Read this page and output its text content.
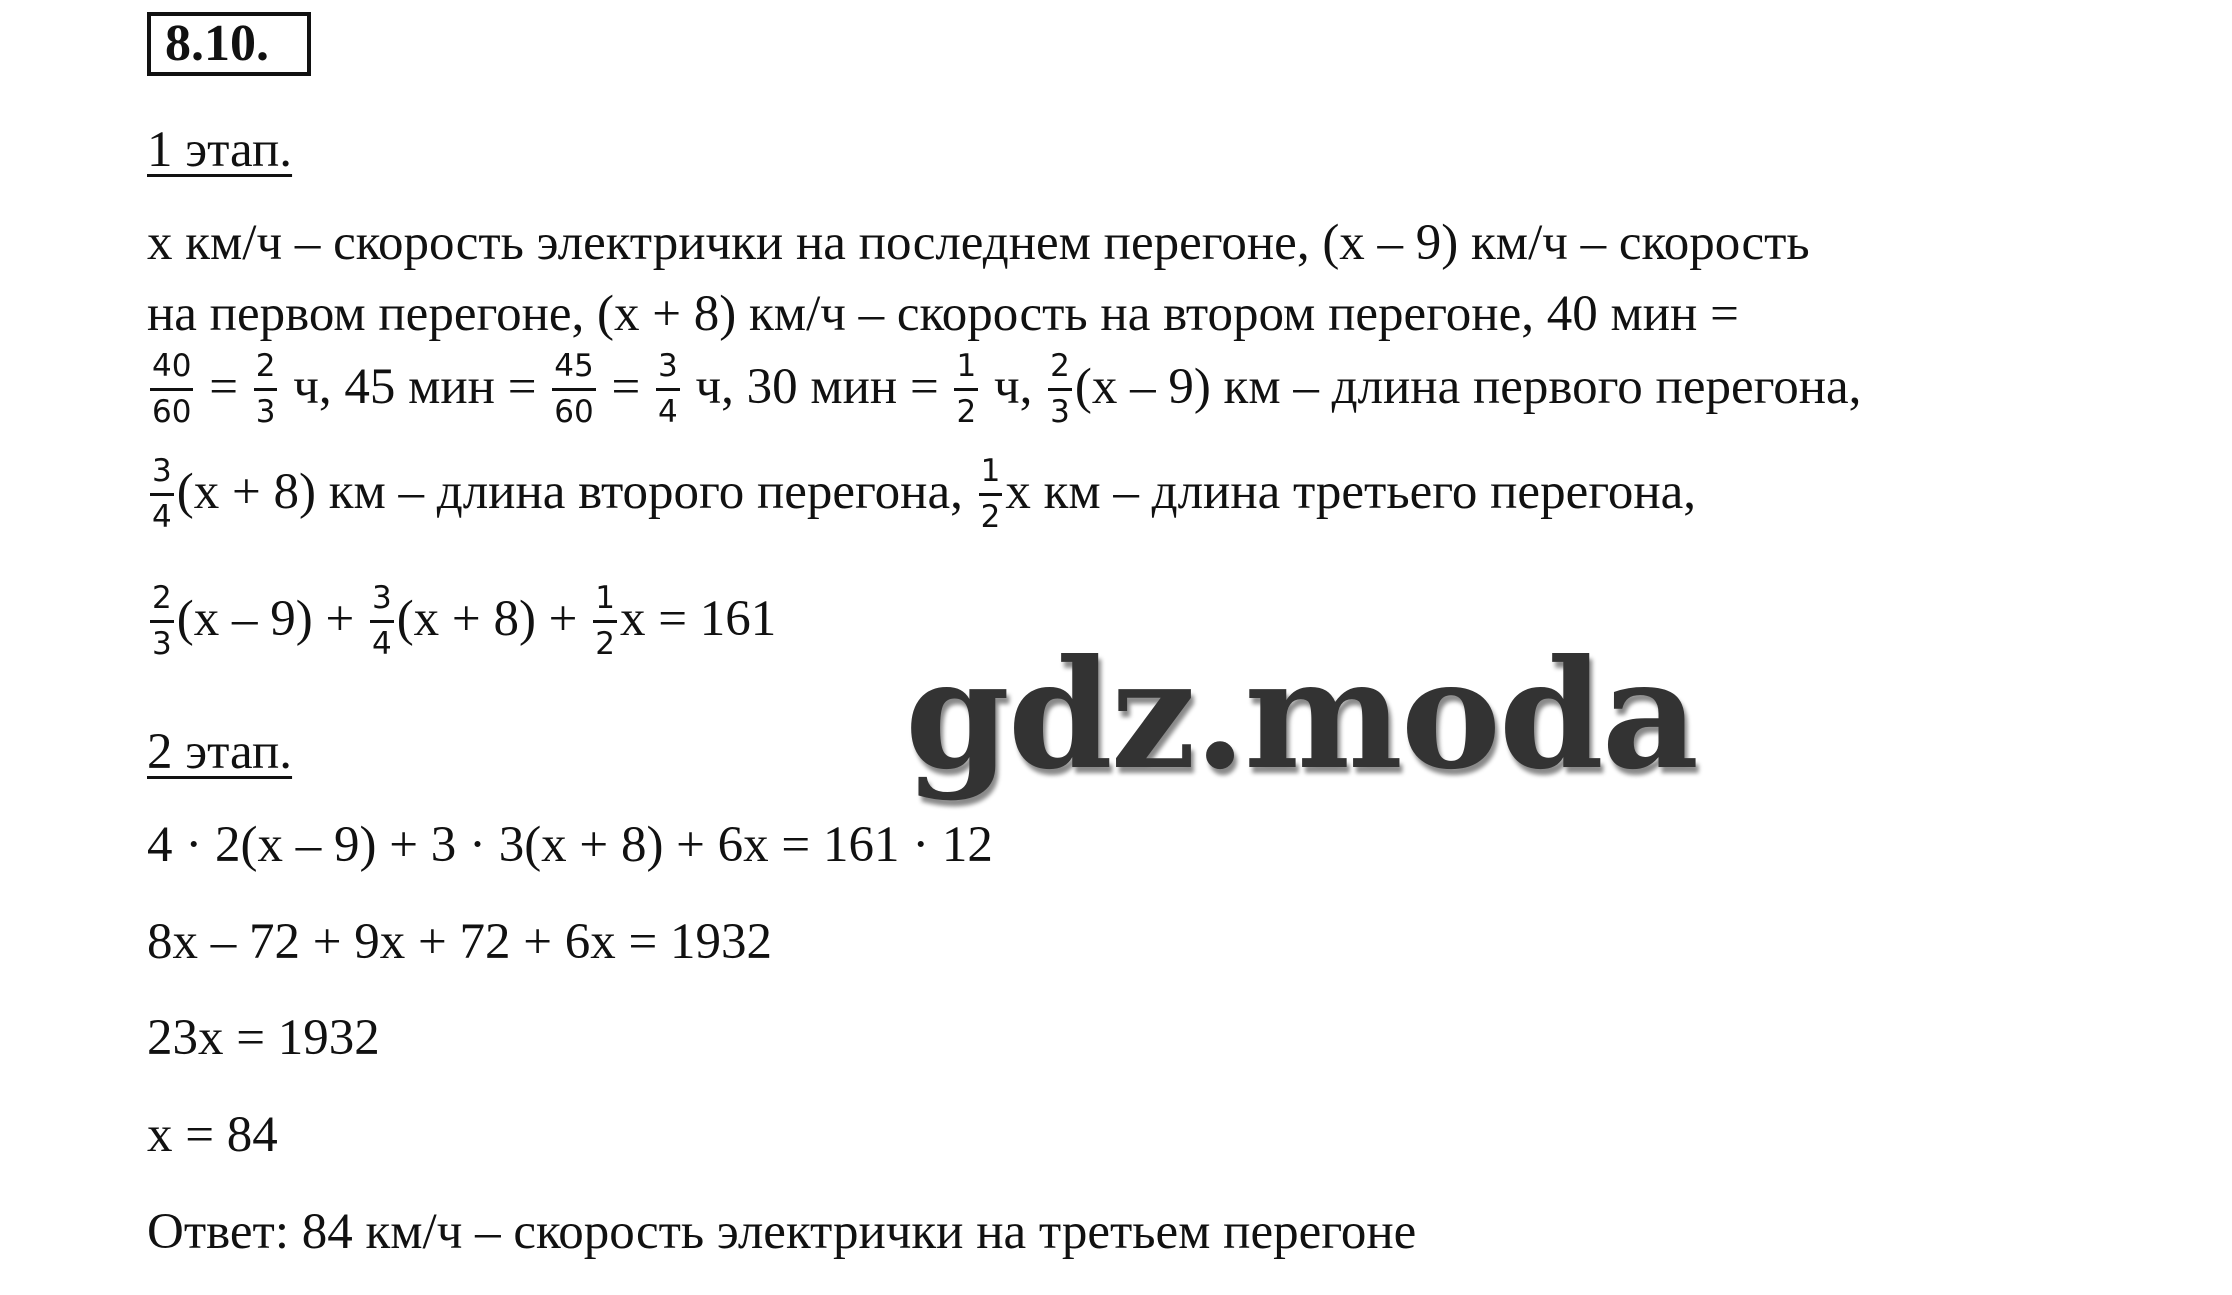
8.10.
1 этап.
x км/ч – скорость электрички на последнем перегоне, (x – 9) км/ч – скорость
на первом перегоне, (x + 8) км/ч – скорость на втором перегоне, 40 мин =
$\frac{40}{60} = \frac{2}{3} ч$, 45 мин = $\frac{45}{60} = \frac{3}{4} ч$, 30 мин = $\frac{1}{2} ч$, $\frac{2}{3} (x - 9)$ км – длина первого перегона,
$\frac{3}{4} (x + 8)$ км – длина второго перегона, $\frac{1}{2}$ x км – длина третьего перегона,
$\frac{2}{3} (x - 9) + \frac{3}{4} (x + 8) + \frac{1}{2}$ x = 161
2 этап.
4 · 2(x – 9) + 3 · 3(x + 8) + 6x = 161 · 12
8x – 72 + 9x + 72 + 6x = 1932
23x = 1932
x = 84
Ответ: 84 км/ч – скорость электрички на третьем перегоне
gdz.moda
